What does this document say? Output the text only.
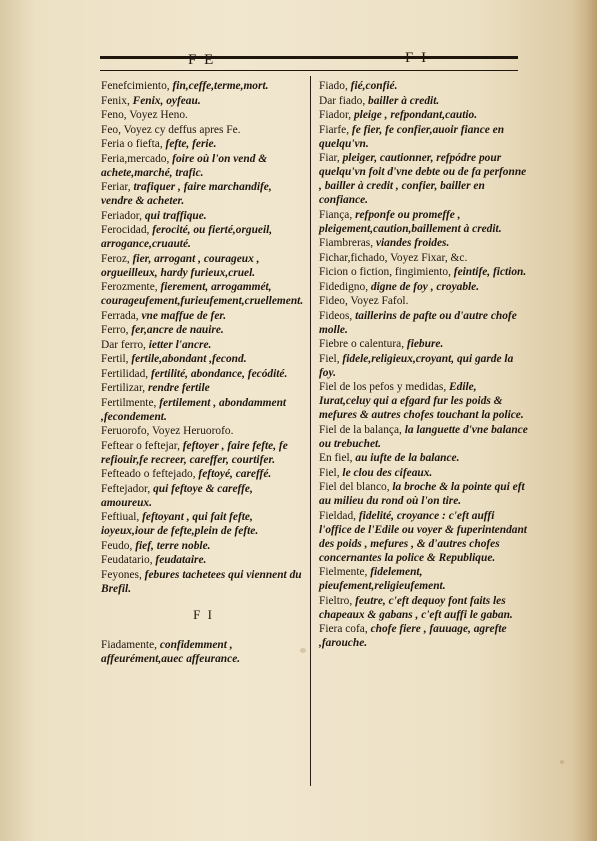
F E	F I
Fenefcimiento, fin,ceffe,terme,mort.
Fenix, Fenix, oyfeau.
Feno, Voyez Heno.
Feo, Voyez cy deffus apres Fe.
Feria o fiefta, fefte, ferie.
Feria,mercado, foire où l'on vend & achete,marché, trafic.
Feriar, trafiquer , faire marchandife, vendre & acheter.
Feriador, qui traffique.
Ferocidad, ferocité, ou fierté,orgueil, arrogance,cruauté.
Feroz, fier, arrogant , courageux , orgueilleux, hardy furieux,cruel.
Ferozmente, fierement, arrogammét, courageufement,furieufement,cruellement.
Ferrada, vne maffue de fer.
Ferro, fer,ancre de nauire.
Dar ferro, ietter l'ancre.
Fertil, fertile,abondant ,fecond.
Fertilidad, fertilité, abondance, fecódité.
Fertilizar, rendre fertile
Fertilmente, fertilement , abondamment ,fecondement.
Feruorofo, Voyez Heruorofo.
Feftear o feftejar, feftoyer , faire fefte, fe refiouir,fe recreer, careffer, courtifer.
Fefteado o feftejado, feftoyé, careffé.
Feftejador, qui feftoye & careffe, amoureux.
Feftiual, feftoyant , qui fait fefte, ioyeux,iour de fefte,plein de fefte.
Feudo, fief, terre noble.
Feudatario, feudataire.
Feyones, febures tachetees qui viennent du Brefil.
F I
Fiadamente, confidemment , affeurément,auec affeurance.
Fiado, fié,confié.
Dar fiado, bailler à credit.
Fiador, pleige , refpondant,cautio.
Fiarfe, fe fier, fe confier,auoir fiance en quelqu'vn.
Fiar, pleiger, cautionner, refpódre pour quelqu'vn foit d'vne debte ou de fa perfonne , bailler à credit , confier, bailler en confiance.
Fiança, refponfe ou promeffe , pleigement,caution,baillement à credit.
Fiambreras, viandes froides.
Fichar,fichado, Voyez Fixar, &c.
Ficion o fiction, fingimiento, feintife, fiction.
Fidedigno, digne de foy , croyable.
Fideo, Voyez Fafol.
Fideos, taillerins de pafte ou d'autre chofe molle.
Fiebre o calentura, fiebure.
Fiel, fidele,religieux,croyant, qui garde la foy.
Fiel de los pefos y medidas, Edile, Iurat,celuy qui a efgard fur les poids & mefures & autres chofes touchant la police.
Fiel de la balança, la languette d'vne balance ou trebuchet.
En fiel, au iufte de la balance.
Fiel, le clou des cifeaux.
Fiel del blanco, la broche & la pointe qui eft au milieu du rond où l'on tire.
Fieldad, fidelité, croyance : c'eft auffi l'office de l'Edile ou voyer & fuperintendant des poids , mefures , & d'autres chofes concernantes la police & Republique.
Fielmente, fidelement, pieufement,religieufement.
Fieltro, feutre, c'eft dequoy font faits les chapeaux & gabans , c'eft auffi le gaban.
Fiera cofa, chofe fiere , fauuage, agrefte ,farouche.
